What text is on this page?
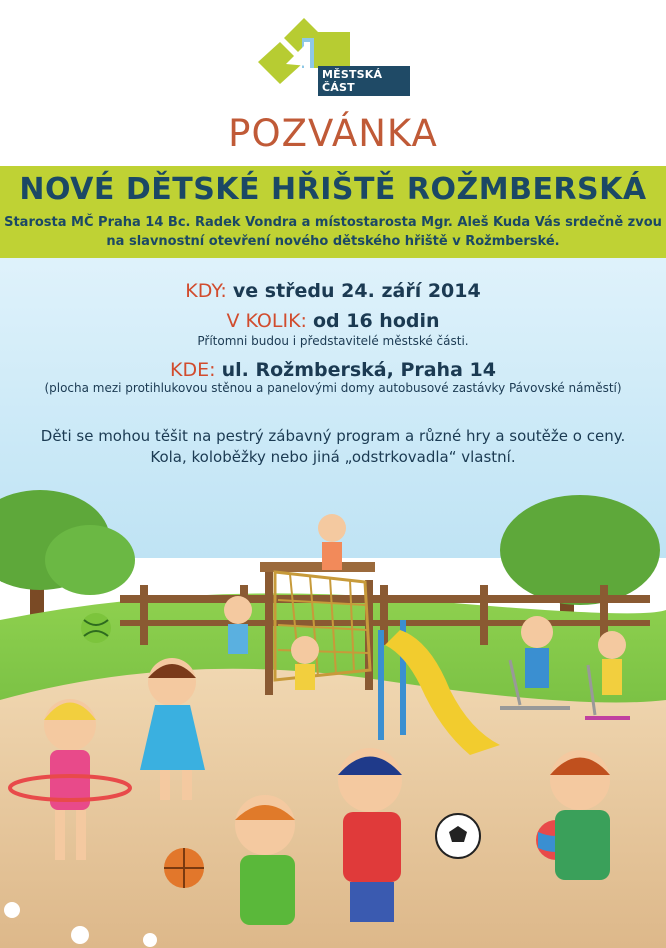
MĚSTSKÁ ČÁST
PRAHA 14
POZVÁNKA
NOVÉ DĚTSKÉ HŘIŠTĚ ROŽMBERSKÁ
Starosta MČ Praha 14 Bc. Radek Vondra a místostarosta Mgr. Aleš Kuda Vás srdečně zvou
na slavnostní otevření nového dětského hřiště v Rožmberské.
KDY: ve středu 24. září 2014
V KOLIK: od 16 hodin
Přítomni budou i představitelé městské části.
KDE: ul. Rožmberská, Praha 14
(plocha mezi protihlukovou stěnou a panelovými domy autobusové zastávky Pávovské náměstí)
Děti se mohou těšit na pestrý zábavný program a různé hry a soutěže o ceny.
Kola, koloběžky nebo jiná „odstrkovadla“ vlastní.
